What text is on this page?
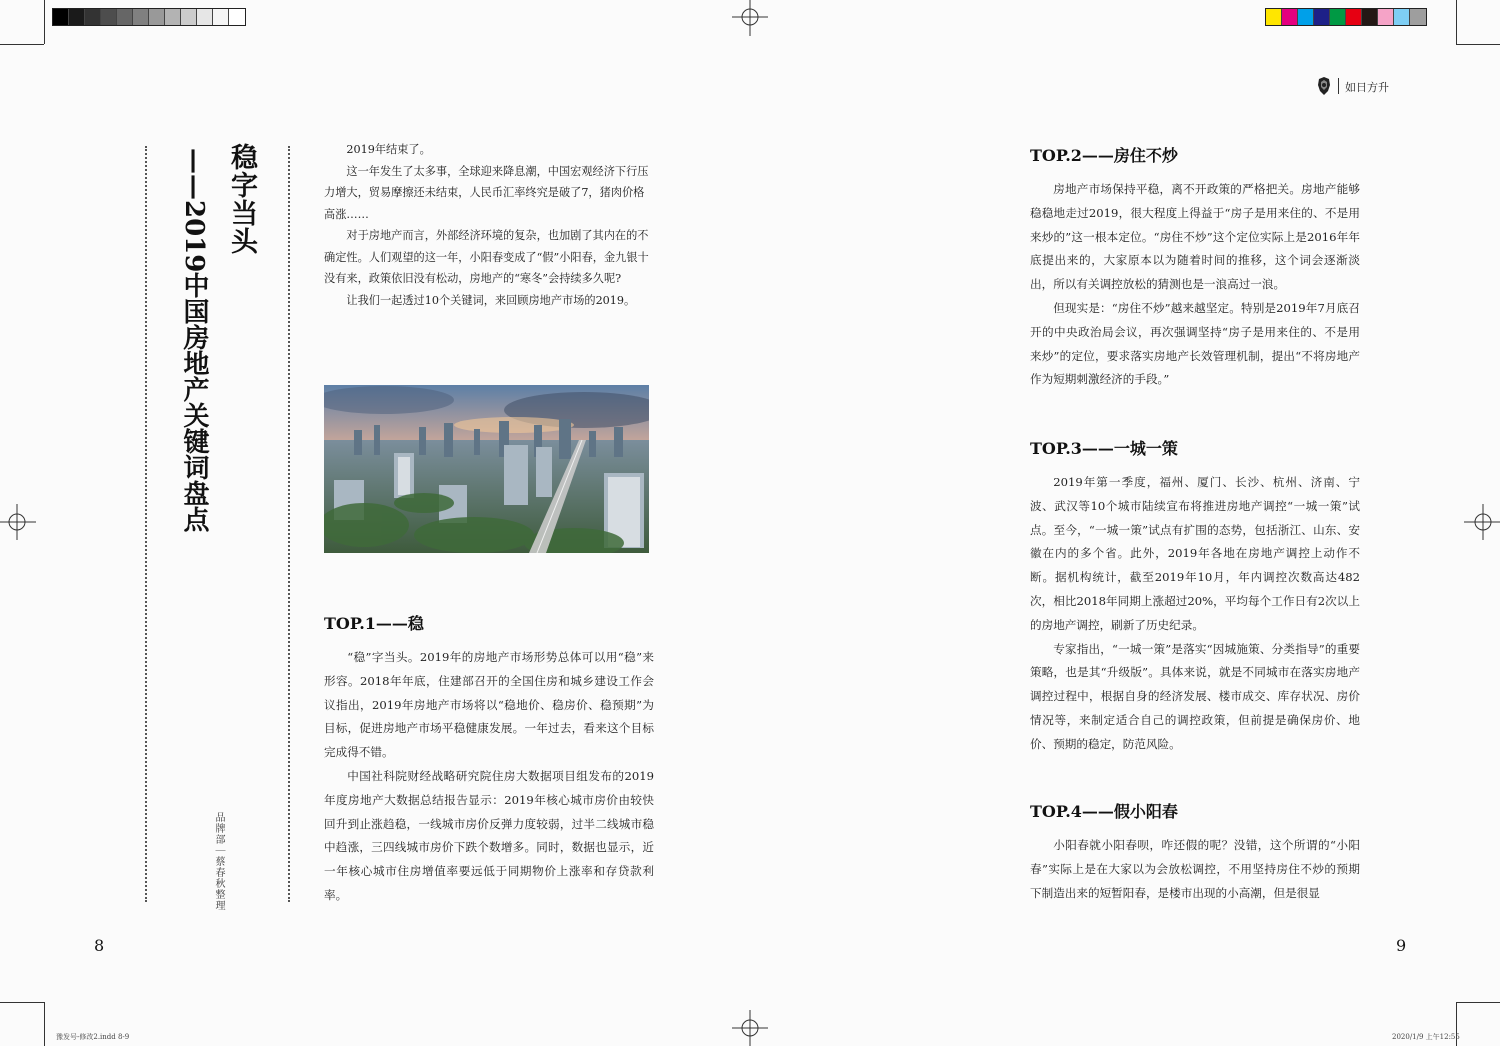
如日方升
稳字当头
——2019中国房地产关键词盘点
品牌部｜蔡春秋整理

2019年结束了。

这一年发生了太多事，全球迎来降息潮，中国宏观经济下行压力增大，贸易摩擦还未结束，人民币汇率终究是破了7，猪肉价格高涨……

对于房地产而言，外部经济环境的复杂，也加剧了其内在的不确定性。人们观望的这一年，小阳春变成了“假”小阳春，金九银十没有来，政策依旧没有松动，房地产的“寒冬”会持续多久呢?

让我们一起透过10个关键词，来回顾房地产市场的2019。

TOP.1——稳

“稳”字当头。2019年的房地产市场形势总体可以用“稳”来形容。2018年年底，住建部召开的全国住房和城乡建设工作会议指出，2019年房地产市场将以“稳地价、稳房价、稳预期”为目标，促进房地产市场平稳健康发展。一年过去，看来这个目标完成得不错。

中国社科院财经战略研究院住房大数据项目组发布的2019年度房地产大数据总结报告显示：2019年核心城市房价由较快回升到止涨趋稳，一线城市房价反弹力度较弱，过半二线城市稳中趋涨，三四线城市房价下跌个数增多。同时，数据也显示，近一年核心城市住房增值率要远低于同期物价上涨率和存贷款利率。

8
TOP.2——房住不炒

房地产市场保持平稳，离不开政策的严格把关。房地产能够稳稳地走过2019，很大程度上得益于“房子是用来住的、不是用来炒的”这一根本定位。“房住不炒”这个定位实际上是2016年年底提出来的，大家原本以为随着时间的推移，这个词会逐渐淡出，所以有关调控放松的猜测也是一浪高过一浪。

但现实是：“房住不炒”越来越坚定。特别是2019年7月底召开的中央政治局会议，再次强调坚持“房子是用来住的、不是用来炒”的定位，要求落实房地产长效管理机制，提出“不将房地产作为短期刺激经济的手段。”

TOP.3——一城一策

2019年第一季度，福州、厦门、长沙、杭州、济南、宁波、武汉等10个城市陆续宣布将推进房地产调控“一城一策”试点。至今，“一城一策”试点有扩围的态势，包括浙江、山东、安徽在内的多个省。此外，2019年各地在房地产调控上动作不断。据机构统计，截至2019年10月，年内调控次数高达482次，相比2018年同期上涨超过20%，平均每个工作日有2次以上的房地产调控，刷新了历史纪录。

专家指出，“一城一策”是落实“因城施策、分类指导”的重要策略，也是其“升级版”。具体来说，就是不同城市在落实房地产调控过程中，根据自身的经济发展、楼市成交、库存状况、房价情况等，来制定适合自己的调控政策，但前提是确保房价、地价、预期的稳定，防范风险。

TOP.4——假小阳春

小阳春就小阳春呗，咋还假的呢？没错，这个所谓的“小阳春”实际上是在大家以为会放松调控，不用坚持房住不炒的预期下制造出来的短暂阳春，是楼市出现的小高潮，但是很显

9
豫发号-修改2.indd 8-9	2020/1/9 上午12:55
